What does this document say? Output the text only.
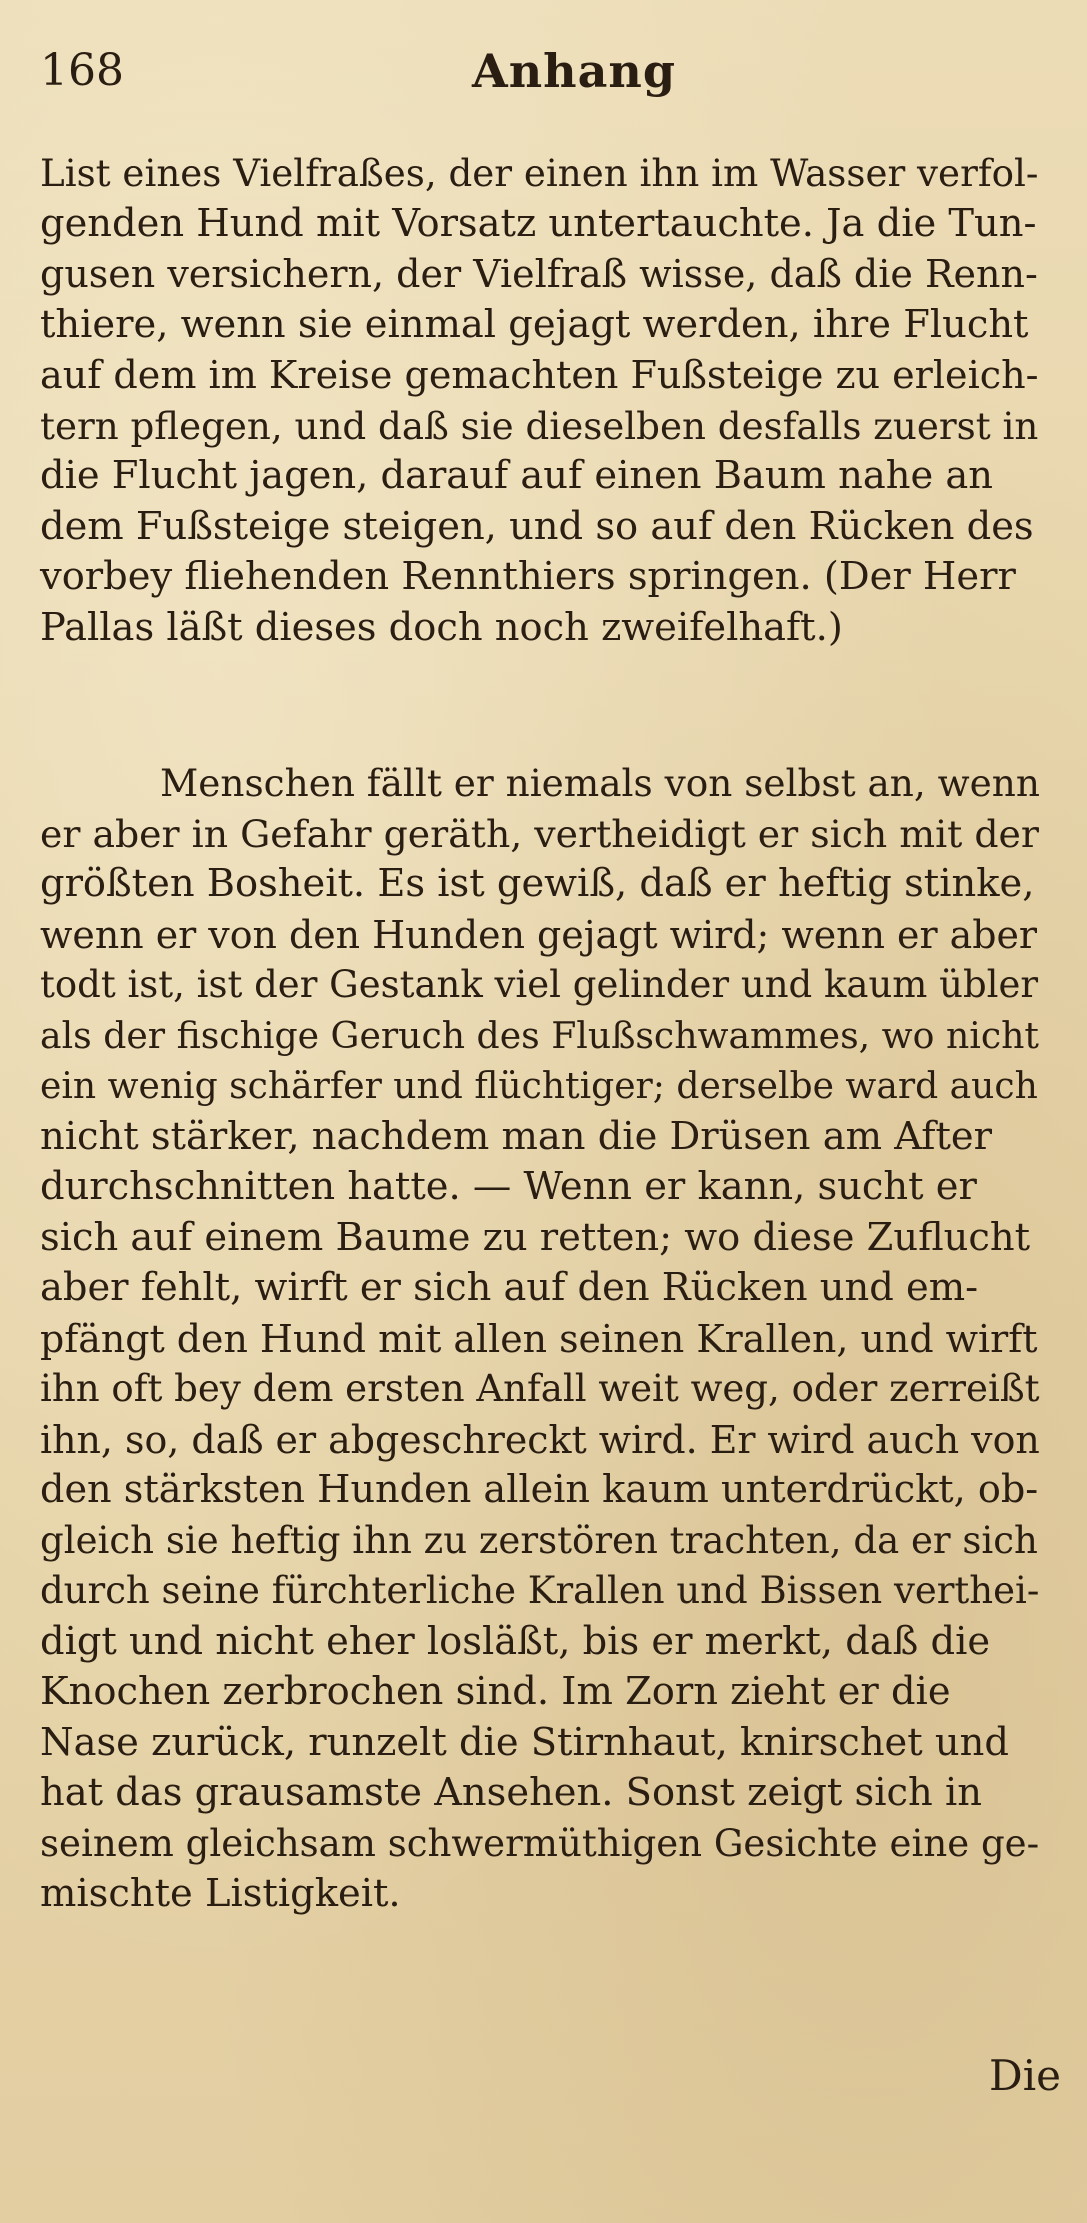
168	Anhang
List eines Vielfraßes, der einen ihn im Wasser verfol-
genden Hund mit Vorsatz untertauchte. Ja die Tun-
gusen versichern, der Vielfraß wisse, daß die Renn-
thiere, wenn sie einmal gejagt werden, ihre Flucht
auf dem im Kreise gemachten Fußsteige zu erleich-
tern pflegen, und daß sie dieselben desfalls zuerst in
die Flucht jagen, darauf auf einen Baum nahe an
dem Fußsteige steigen, und so auf den Rücken des
vorbey fliehenden Rennthiers springen. (Der Herr
Pallas läßt dieses doch noch zweifelhaft.)
Menschen fällt er niemals von selbst an, wenn
er aber in Gefahr geräth, vertheidigt er sich mit der
größten Bosheit. Es ist gewiß, daß er heftig stinke,
wenn er von den Hunden gejagt wird; wenn er aber
todt ist, ist der Gestank viel gelinder und kaum übler
als der fischige Geruch des Flußschwammes, wo nicht
ein wenig schärfer und flüchtiger; derselbe ward auch
nicht stärker, nachdem man die Drüsen am After
durchschnitten hatte. — Wenn er kann, sucht er
sich auf einem Baume zu retten; wo diese Zuflucht
aber fehlt, wirft er sich auf den Rücken und em-
pfängt den Hund mit allen seinen Krallen, und wirft
ihn oft bey dem ersten Anfall weit weg, oder zerreißt
ihn, so, daß er abgeschreckt wird. Er wird auch von
den stärksten Hunden allein kaum unterdrückt, ob-
gleich sie heftig ihn zu zerstören trachten, da er sich
durch seine fürchterliche Krallen und Bissen verthei-
digt und nicht eher losläßt, bis er merkt, daß die
Knochen zerbrochen sind. Im Zorn zieht er die
Nase zurück, runzelt die Stirnhaut, knirschet und
hat das grausamste Ansehen. Sonst zeigt sich in
seinem gleichsam schwermüthigen Gesichte eine ge-
mischte Listigkeit.
Die
